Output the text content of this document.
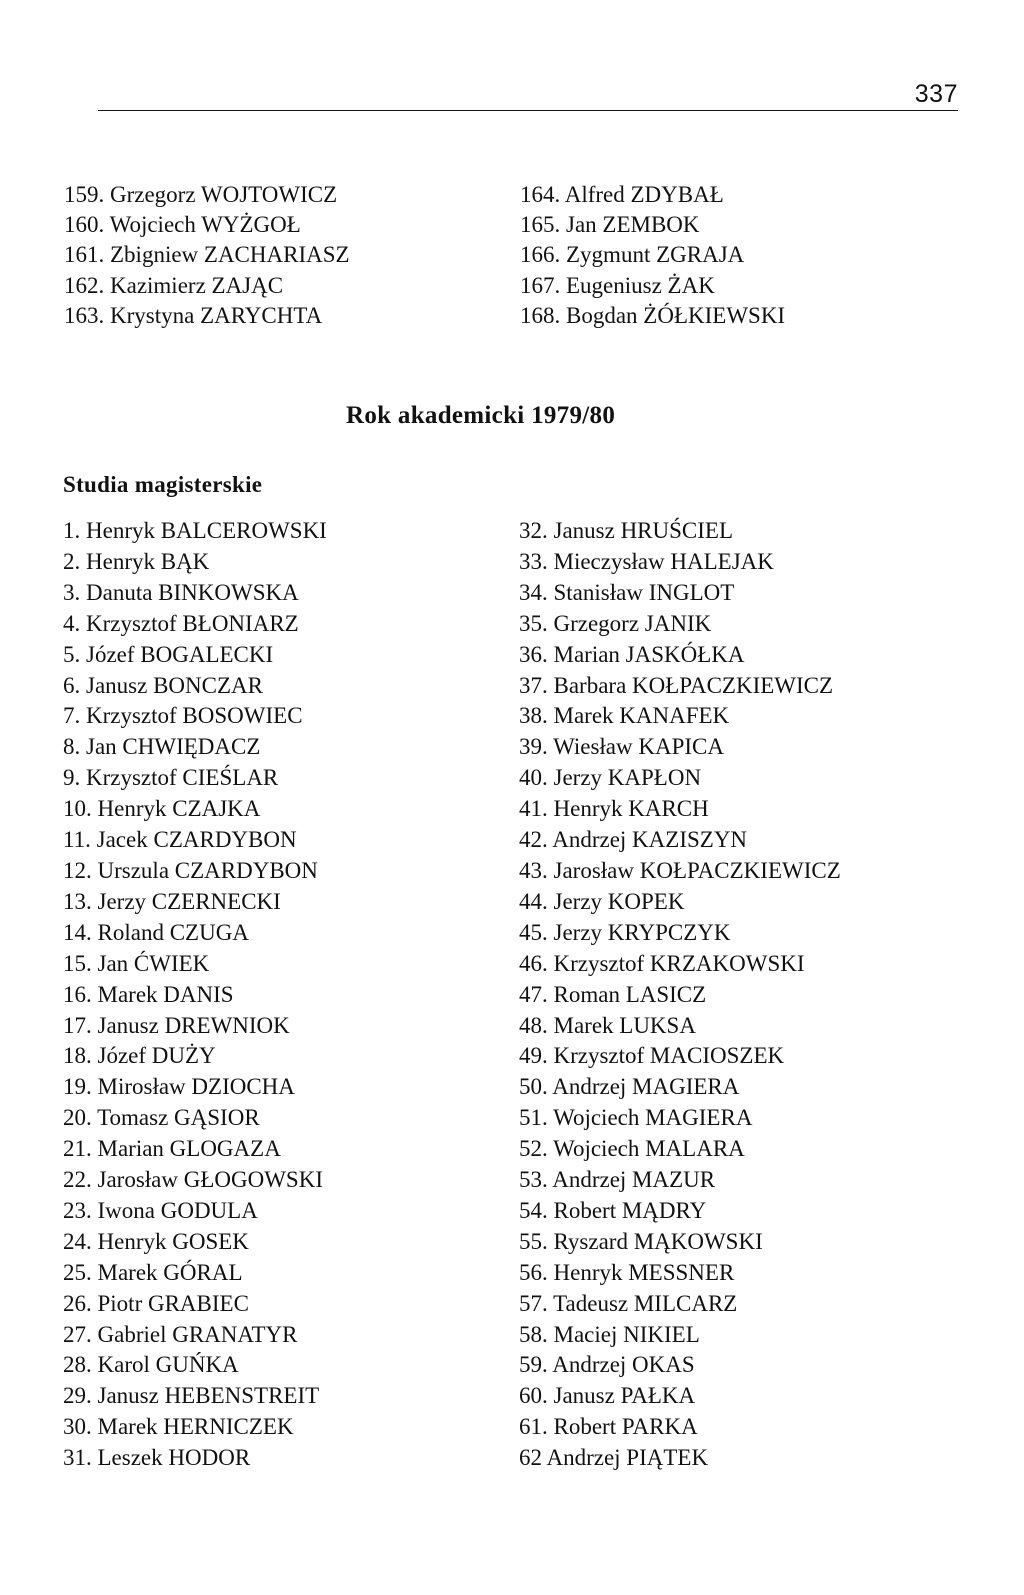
337
159. Grzegorz WOJTOWICZ
160. Wojciech WYŻGOŁ
161. Zbigniew ZACHARIASZ
162. Kazimierz ZAJĄC
163. Krystyna ZARYCHTA
164. Alfred ZDYBAŁ
165. Jan ZEMBOK
166. Zygmunt ZGRAJA
167. Eugeniusz ŻAK
168. Bogdan ŻÓŁKIEWSKI
Rok akademicki 1979/80
Studia magisterskie
1. Henryk BALCEROWSKI
2. Henryk BĄK
3. Danuta BINKOWSKA
4. Krzysztof BŁONIARZ
5. Józef BOGALECKI
6. Janusz BONCZAR
7. Krzysztof BOSOWIEC
8. Jan CHWIĘDACZ
9. Krzysztof CIEŚLAR
10. Henryk CZAJKA
11. Jacek CZARDYBON
12. Urszula CZARDYBON
13. Jerzy CZERNECKI
14. Roland CZUGA
15. Jan ĆWIEK
16. Marek DANIS
17. Janusz DREWNIOK
18. Józef DUŻY
19. Mirosław DZIOCHA
20. Tomasz GĄSIOR
21. Marian GLOGAZA
22. Jarosław GŁOGOWSKI
23. Iwona GODULA
24. Henryk GOSEK
25. Marek GÓRAL
26. Piotr GRABIEC
27. Gabriel GRANATYR
28. Karol GUŃKA
29. Janusz HEBENSTREIT
30. Marek HERNICZEK
31. Leszek HODOR
32. Janusz HRUŚCIEL
33. Mieczysław HALEJAK
34. Stanisław INGLOT
35. Grzegorz JANIK
36. Marian JASKÓŁKA
37. Barbara KOŁPACZKIEWICZ
38. Marek KANAFEK
39. Wiesław KAPICA
40. Jerzy KAPŁON
41. Henryk KARCH
42. Andrzej KAZISZYN
43. Jarosław KOŁPACZKIEWICZ
44. Jerzy KOPEK
45. Jerzy KRYPCZYK
46. Krzysztof KRZAKOWSKI
47. Roman LASICZ
48. Marek LUKSA
49. Krzysztof MACIOSZEK
50. Andrzej MAGIERA
51. Wojciech MAGIERA
52. Wojciech MALARA
53. Andrzej MAZUR
54. Robert MĄDRY
55. Ryszard MĄKOWSKI
56. Henryk MESSNER
57. Tadeusz MILCARZ
58. Maciej NIKIEL
59. Andrzej OKAS
60. Janusz PAŁKA
61. Robert PARKA
62 Andrzej PIĄTEK
